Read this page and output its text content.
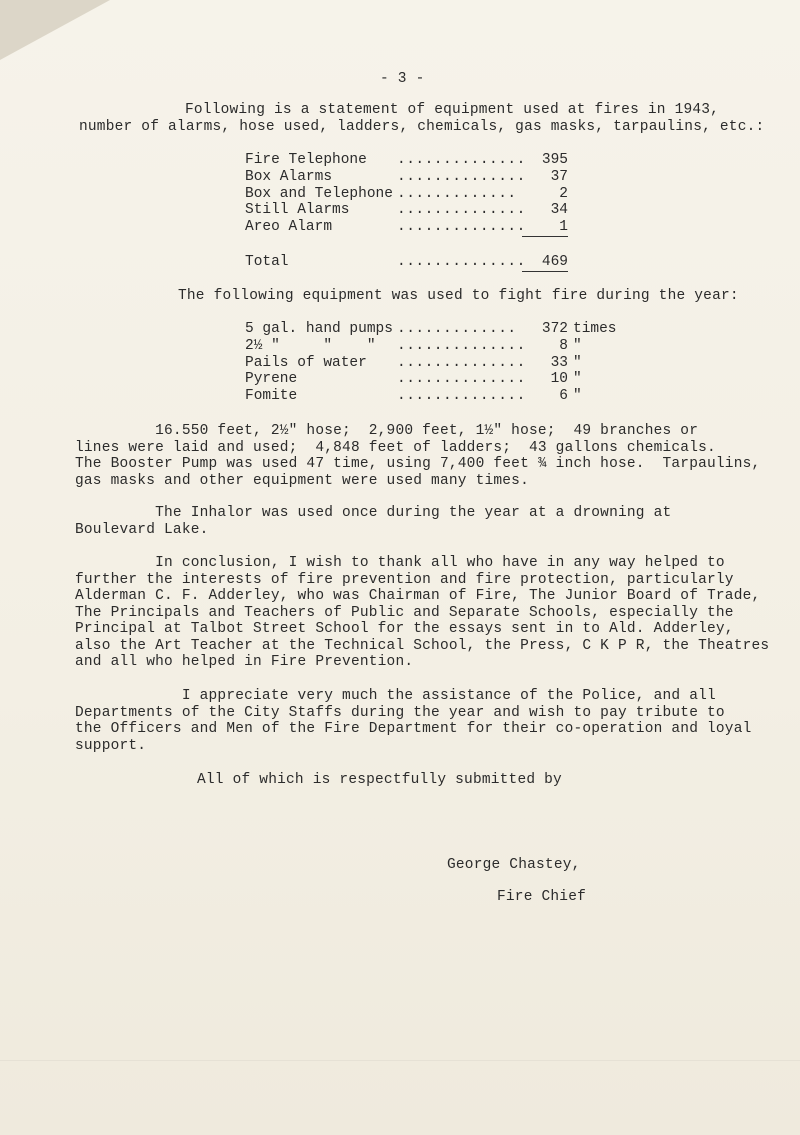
- 3 -
Following is a statement of equipment used at fires in 1943,
number of alarms, hose used, ladders, chemicals, gas masks, tarpaulins, etc.:
Fire Telephone ..............	395
Box Alarms	..............	37
Box and Telephone .............	2
Still Alarms	..............	34
Areo Alarm	..............	1
Total	..............	469
The following equipment was used to fight fire during the year:
5 gal. hand pumps .............	372 times
2½ "     "    " ..............	8 "
Pails of water ..............	33 "
Pyrene	..............	10 "
Fomite	..............	6 "
16.550 feet, 2½" hose;  2,900 feet, 1½" hose;  49 branches or
lines were laid and used;  4,848 feet of ladders;  43 gallons chemicals.
The Booster Pump was used 47 time, using 7,400 feet ¾ inch hose.  Tarpaulins,
gas masks and other equipment were used many times.
The Inhalor was used once during the year at a drowning at
Boulevard Lake.
In conclusion, I wish to thank all who have in any way helped to
further the interests of fire prevention and fire protection, particularly
Alderman C. F. Adderley, who was Chairman of Fire, The Junior Board of Trade,
The Principals and Teachers of Public and Separate Schools, especially the
Principal at Talbot Street School for the essays sent in to Ald. Adderley,
also the Art Teacher at the Technical School, the Press, C K P R, the Theatres
and all who helped in Fire Prevention.
I appreciate very much the assistance of the Police, and all
Departments of the City Staffs during the year and wish to pay tribute to
the Officers and Men of the Fire Department for their co-operation and loyal
support.
All of which is respectfully submitted by
George Chastey,
Fire Chief
